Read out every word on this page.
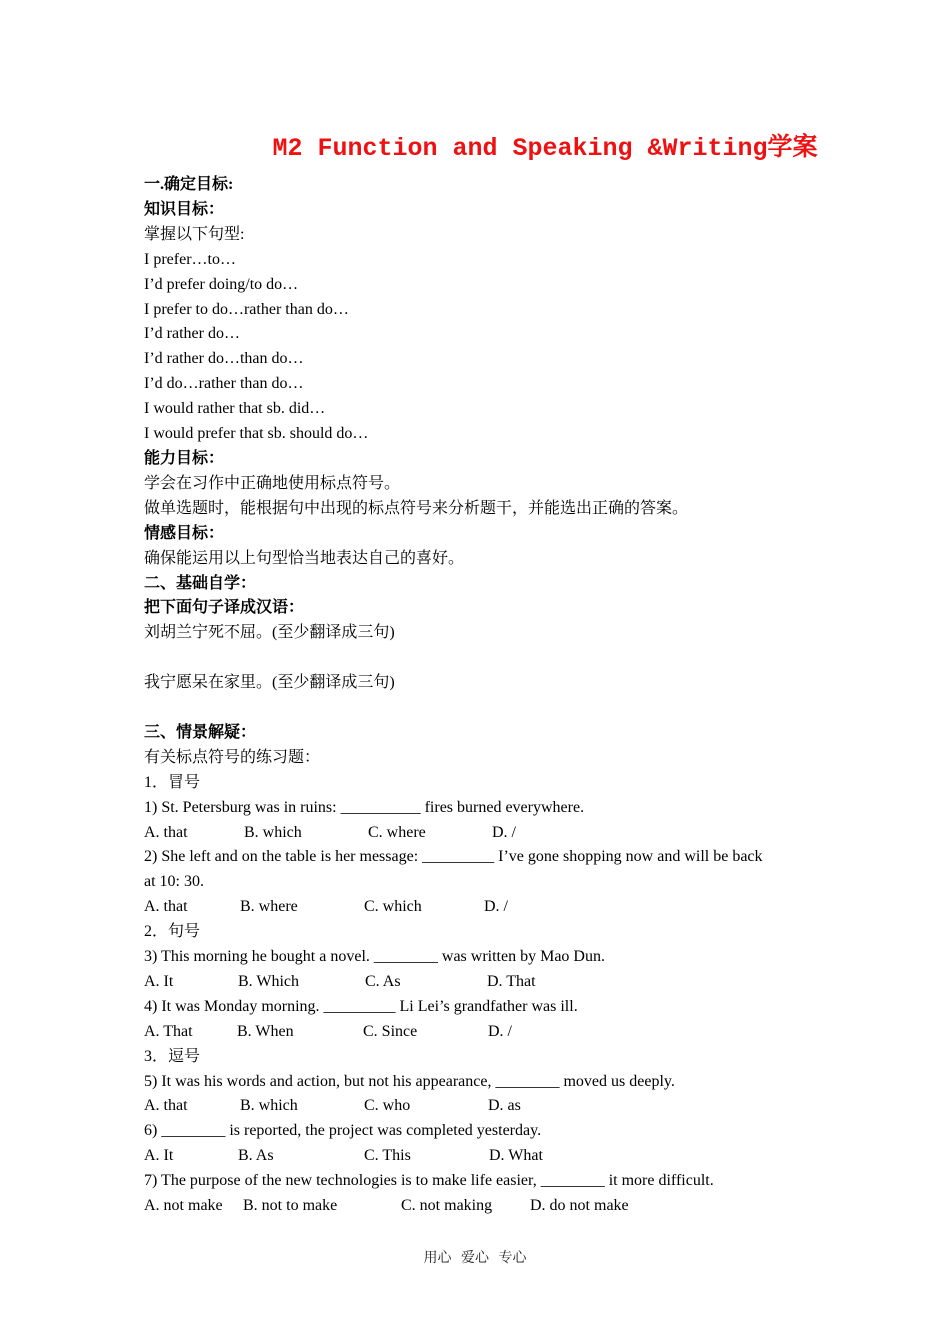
M2 Function and Speaking &Writing学案
一.确定目标:
知识目标：
掌握以下句型:
I prefer…to…
I’d prefer doing/to do…
I prefer to do…rather than do…
I’d rather do…
I’d rather do…than do…
I’d do…rather than do…
I would rather that sb. did…
I would prefer that sb. should do…
能力目标：
学会在习作中正确地使用标点符号。
做单选题时，能根据句中出现的标点符号来分析题干，并能选出正确的答案。
情感目标：
确保能运用以上句型恰当地表达自己的喜好。
二、基础自学：
把下面句子译成汉语：
刘胡兰宁死不屈。(至少翻译成三句)
我宁愿呆在家里。(至少翻译成三句)
三、情景解疑：
有关标点符号的练习题：
1．冒号
1) St. Petersburg was in ruins: __________ fires burned everywhere.
A. that	B. which	C. where	D. /
2) She left and on the table is her message: _________ I’ve gone shopping now and will be back
at 10: 30.
A. that	B. where	C. which	D. /
2．句号
3) This morning he bought a novel. ________ was written by Mao Dun.
A. It	B. Which	C. As	D. That
4) It was Monday morning. _________ Li Lei’s grandfather was ill.
A. That	B. When	C. Since	D. /
3．逗号
5) It was his words and action, but not his appearance, ________ moved us deeply.
A. that	B. which	C. who	D. as
6) ________ is reported, the project was completed yesterday.
A. It	B. As	C. This	D. What
7) The purpose of the new technologies is to make life easier, ________ it more difficult.
A. not make B. not to make	C. not making D. do not make
用心 爱心 专心
